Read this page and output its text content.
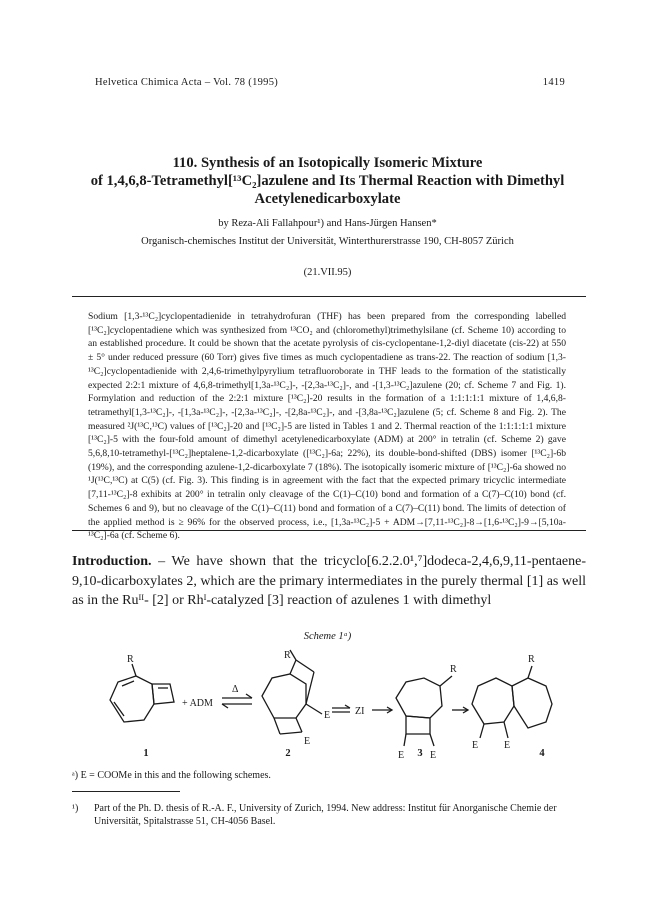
Helvetica Chimica Acta – Vol. 78 (1995)	1419
110. Synthesis of an Isotopically Isomeric Mixture
of 1,4,6,8-Tetramethyl[¹³C₂]azulene and Its Thermal Reaction with Dimethyl
Acetylenedicarboxylate
by Reza-Ali Fallahpour¹) and Hans-Jürgen Hansen*
Organisch-chemisches Institut der Universität, Winterthurerstrasse 190, CH-8057 Zürich
(21.VII.95)
Sodium [1,3-¹³C₂]cyclopentadienide in tetrahydrofuran (THF) has been prepared from the corresponding labelled [¹³C₂]cyclopentadiene which was synthesized from ¹³CO₂ and (chloromethyl)trimethylsilane (cf. Scheme 10) according to an established procedure. It could be shown that the acetate pyrolysis of cis-cyclopentane-1,2-diyl diacetate (cis-22) at 550 ± 5° under reduced pressure (60 Torr) gives five times as much cyclopentadiene as trans-22. The reaction of sodium [1,3-¹³C₂]cyclopentadienide with 2,4,6-trimethylpyrylium tetrafluoroborate in THF leads to the formation of the statistically expected 2:2:1 mixture of 4,6,8-trimethyl[1,3a-¹³C₂]-, -[2,3a-¹³C₂]-, and -[1,3-¹³C₂]azulene (20; cf. Scheme 7 and Fig. 1). Formylation and reduction of the 2:2:1 mixture [¹³C₂]-20 results in the formation of a 1:1:1:1:1 mixture of 1,4,6,8-tetramethyl[1,3-¹³C₂]-, -[1,3a-¹³C₂]-, -[2,3a-¹³C₂]-, -[2,8a-¹³C₂]-, and -[3,8a-¹³C₂]azulene (5; cf. Scheme 8 and Fig. 2). The measured ²J(¹³C,¹³C) values of [¹³C₂]-20 and [¹³C₂]-5 are listed in Tables 1 and 2. Thermal reaction of the 1:1:1:1:1 mixture [¹³C₂]-5 with the four-fold amount of dimethyl acetylenedicarboxylate (ADM) at 200° in tetralin (cf. Scheme 2) gave 5,6,8,10-tetramethyl-[¹³C₂]heptalene-1,2-dicarboxylate ([¹³C₂]-6a; 22%), its double-bond-shifted (DBS) isomer [¹³C₂]-6b (19%), and the corresponding azulene-1,2-dicarboxylate 7 (18%). The isotopically isomeric mixture of [¹³C₂]-6a showed no ¹J(¹³C,¹³C) at C(5) (cf. Fig. 3). This finding is in agreement with the fact that the expected primary tricyclic intermediate [7,11-¹³C₂]-8 exhibits at 200° in tetralin only cleavage of the C(1)–C(10) bond and formation of a C(7)–C(10) bond (cf. Schemes 6 and 9), but no cleavage of the C(1)–C(11) bond and formation of a C(7)–C(11) bond. The limits of detection of the applied method is ≥ 96% for the observed process, i.e., [1,3a-¹³C₂]-5 + ADM→[7,11-¹³C₂]-8→[1,6-¹³C₂]-9→[5,10a-¹³C₂]-6a (cf. Scheme 6).
Introduction. – We have shown that the tricyclo[6.2.2.0¹,⁷]dodeca-2,4,6,9,11-pentaene-9,10-dicarboxylates 2, which are the primary intermediates in the purely thermal [1] as well as in the Ruᴵᴵ- [2] or Rhᴵ-catalyzed [3] reaction of azulenes 1 with dimethyl
Scheme 1ᵃ)
R
+ ADM
Δ
R
E
E
ZI
E	E
R
R
E	E
1	2	3	4
ᵃ) E = COOMe in this and the following schemes.
¹) Part of the Ph. D. thesis of R.-A. F., University of Zurich, 1994. New address: Institut für Anorganische Chemie der Universität, Spitalstrasse 51, CH-4056 Basel.
